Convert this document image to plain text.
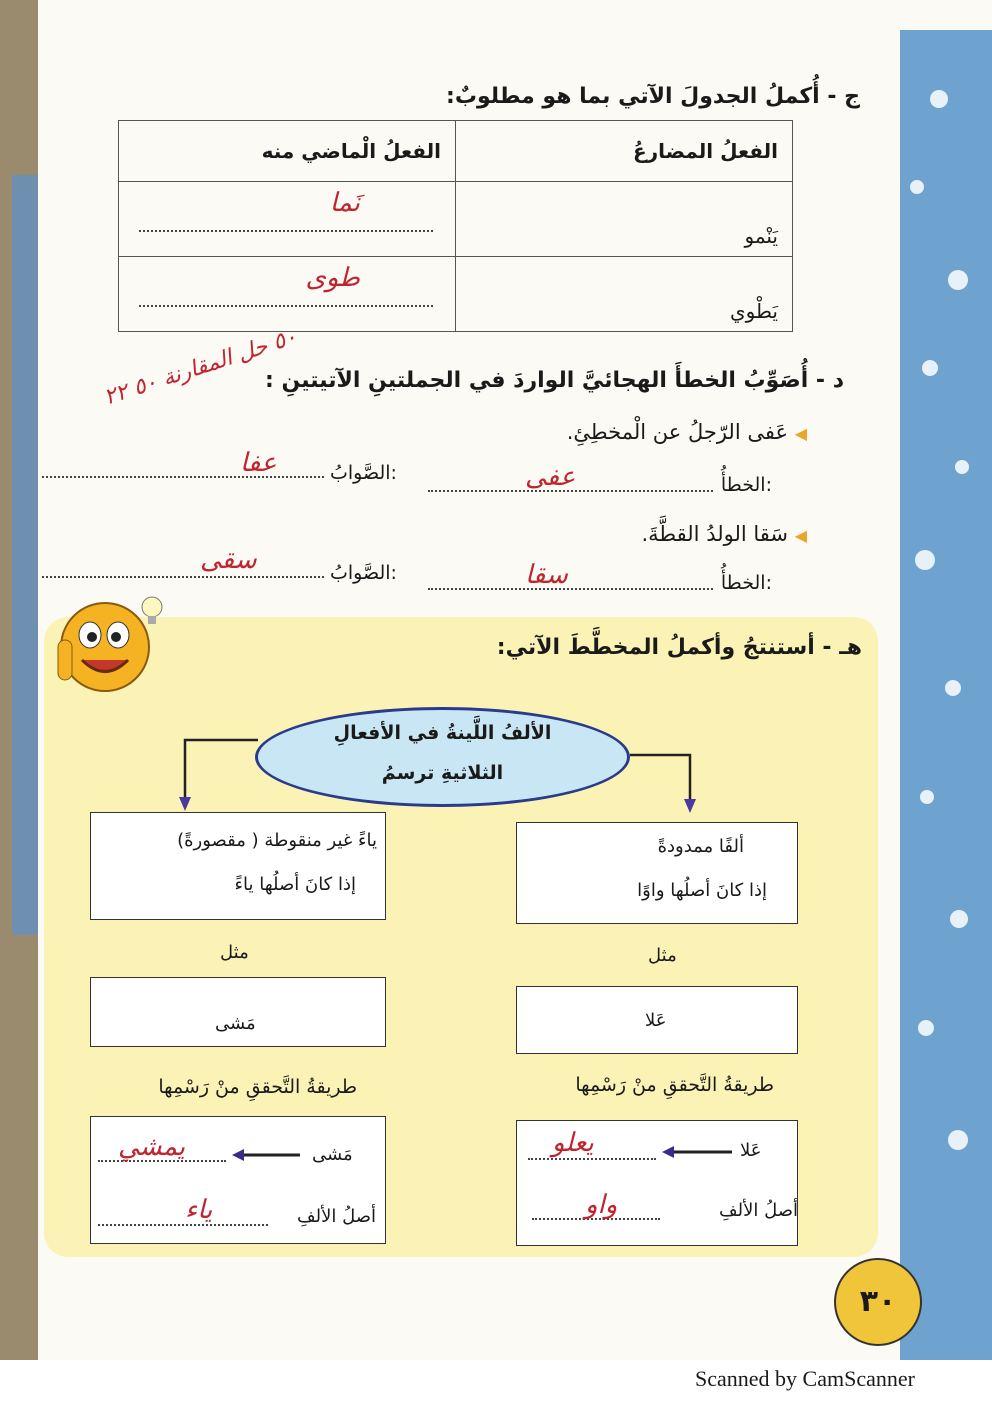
ج - أُكملُ الجدولَ الآتي بما هو مطلوبٌ:
الفعلُ المضارعُ	الفعلُ الْماضي منه
يَنْمو	نَما

يَطْوي	طوى
د - أُصَوِّبُ الخطأَ الهجائيَّ الواردَ في الجملتينِ الآتيتينِ :
٥٠ حل المقارنة ٥٠ ٢٢
◀ عَفى الرّجلُ عن الْمخطِئِ.
الخطأُ:
عفى
الصَّوابُ:
عفا
◀ سَقا الولدُ القطَّةَ.
الخطأُ:
سقا
الصَّوابُ:
سقى
هـ - أستنتجُ وأكملُ المخطَّطَ الآتي:
الألفُ اللَّينةُ في الأفعالِ
الثلاثيةِ ترسمُ
ياءً غير منقوطة ( مقصورةً)
إذا كانَ أصلُها ياءً
ألفًا ممدودةً
إذا كانَ أصلُها واوًا
مثل	مثل
مَشى	عَلا
طريقةُ التَّحققِ منْ رَسْمِها	طريقةُ التَّحققِ منْ رَسْمِها
مَشى
يمشي
أصلُ الألفِ
ياء
عَلا
يعلو
أصلُ الألفِ
واو
٣٠
Scanned by CamScanner
